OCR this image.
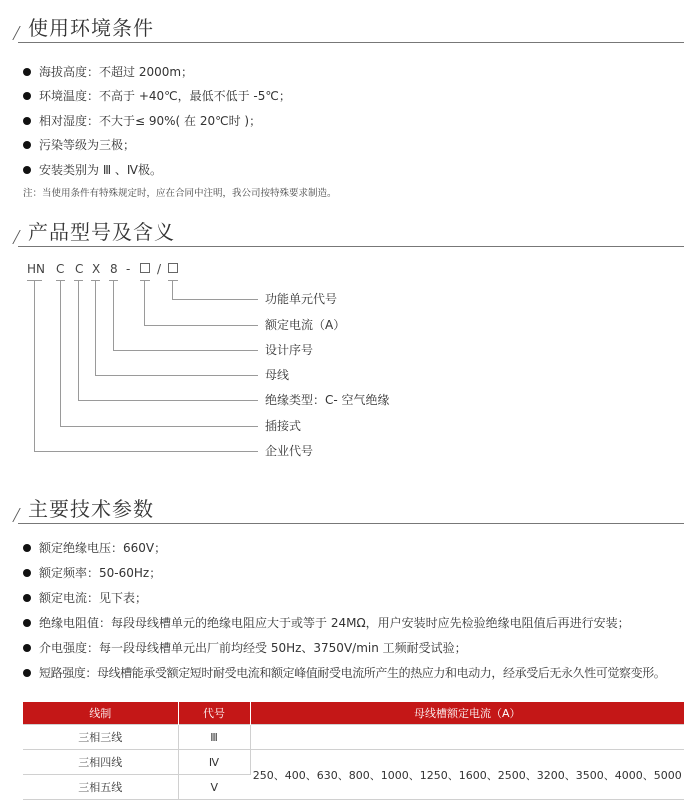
使用环境条件
海拔高度：不超过 2000m；
环境温度：不高于 +40℃，最低不低于 -5℃；
相对湿度：不大于≤ 90%( 在 20℃时 )；
污染等级为三极；
安装类别为 Ⅲ 、Ⅳ极。
注：当使用条件有特殊规定时，应在合同中注明，我公司按特殊要求制造。
产品型号及含义
HN C C X 8 - /
功能单元代号
额定电流（A）
设计序号
母线
绝缘类型：C- 空气绝缘
插接式
企业代号
主要技术参数
额定绝缘电压：660V；
额定频率：50-60Hz；
额定电流：见下表；
绝缘电阻值：每段母线槽单元的绝缘电阻应大于或等于 24MΩ，用户安装时应先检验绝缘电阻值后再进行安装；
介电强度：每一段母线槽单元出厂前均经受 50Hz、3750V/min 工频耐受试验；
短路强度：母线槽能承受额定短时耐受电流和额定峰值耐受电流所产生的热应力和电动力，经承受后无永久性可觉察变形。
线制	代号	母线槽额定电流（A）
三相三线	Ⅲ	
三相四线	Ⅳ	250、400、630、800、1000、1250、1600、2500、3200、3500、4000、5000
三相五线	Ⅴ	
